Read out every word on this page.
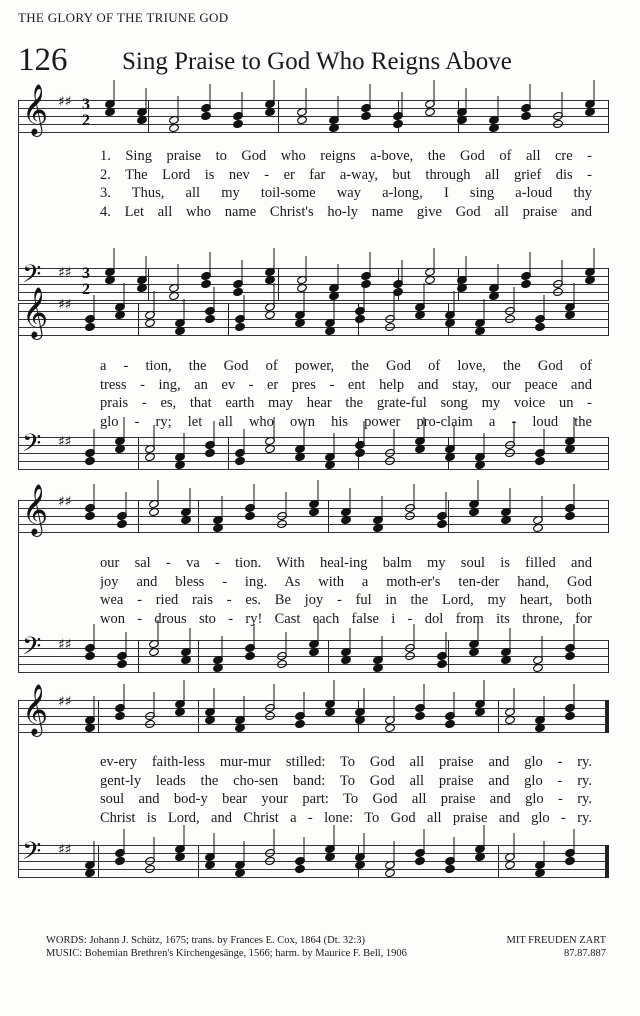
THE GLORY OF THE TRIUNE GOD
126 Sing Praise to God Who Reigns Above
1. Sing praise to God who reigns a-bove, the God of all cre -
2. The Lord is nev - er far a-way, but through all grief dis -
3. Thus, all my toil-some way a-long, I sing a-loud thy
4. Let all who name Christ's ho-ly name give God all praise and
a - tion, the God of power, the God of love, the God of
tress - ing, an ev - er pres - ent help and stay, our peace and
prais - es, that earth may hear the grate-ful song my voice un -
glo - ry; let all who own his power pro-claim a - loud the
our sal - va - tion. With heal-ing balm my soul is filled and
joy and bless - ing. As with a moth-er's ten-der hand, God
wea - ried rais - es. Be joy - ful in the Lord, my heart, both
won - drous sto - ry! Cast each false i - dol from its throne, for
ev-ery faith-less mur-mur stilled: To God all praise and glo - ry.
gent-ly leads the cho-sen band: To God all praise and glo - ry.
soul and bod-y bear your part: To God all praise and glo - ry.
Christ is Lord, and Christ a - lone: To God all praise and glo - ry.
WORDS: Johann J. Schütz, 1675; trans. by Frances E. Cox, 1864 (Dt. 32:3)	MIT FREUDEN ZART
MUSIC: Bohemian Brethren's Kirchengesänge, 1566; harm. by Maurice F. Bell, 1906	87.87.887
𝄞 ♯♯
𝄢 ♯♯
𝄞 ♯♯
𝄢 ♯♯
𝄞 ♯♯
𝄢 ♯♯
𝄞 ♯♯
𝄢 ♯♯
3
2
3
2
